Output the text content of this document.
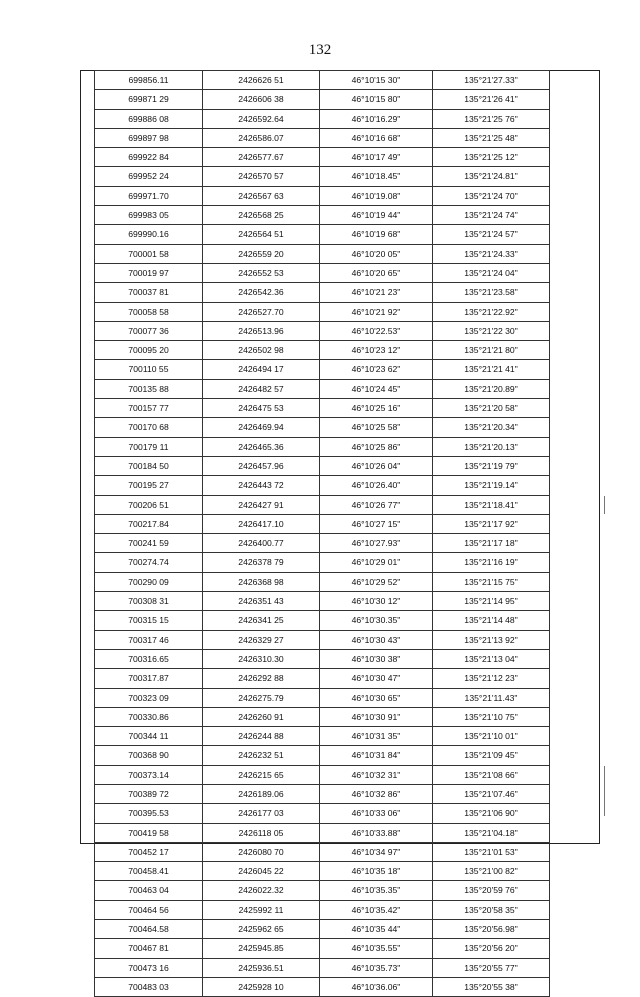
132
699856.11	2426626 51	46°10'15 30"	135°21'27.33"
699871 29	2426606 38	46°10'15 80"	135°21'26 41"
699886 08	2426592.64	46°10'16.29"	135°21'25 76"
699897 98	2426586.07	46°10'16 68"	135°21'25 48"
699922 84	2426577.67	46°10'17 49"	135°21'25 12"
699952 24	2426570 57	46°10'18.45"	135°21'24.81"
699971.70	2426567 63	46°10'19.08"	135°21'24 70"
699983 05	2426568 25	46°10'19 44"	135°21'24 74"
699990.16	2426564 51	46°10'19 68"	135°21'24 57"
700001 58	2426559 20	46°10'20 05"	135°21'24.33"
700019 97	2426552 53	46°10'20 65"	135°21'24 04"
700037 81	2426542.36	46°10'21 23"	135°21'23.58"
700058 58	2426527.70	46°10'21 92"	135°21'22.92"
700077 36	2426513.96	46°10'22.53"	135°21'22 30"
700095 20	2426502 98	46°10'23 12"	135°21'21 80"
700110 55	2426494 17	46°10'23 62"	135°21'21 41"
700135 88	2426482 57	46°10'24 45"	135°21'20.89"
700157 77	2426475 53	46°10'25 16"	135°21'20 58"
700170 68	2426469.94	46°10'25 58"	135°21'20.34"
700179 11	2426465.36	46°10'25 86"	135°21'20.13"
700184 50	2426457.96	46°10'26 04"	135°21'19 79"
700195 27	2426443 72	46°10'26.40"	135°21'19.14"
700206 51	2426427 91	46°10'26 77"	135°21'18.41"
700217.84	2426417.10	46°10'27 15"	135°21'17 92"
700241 59	2426400.77	46°10'27.93"	135°21'17 18"
700274.74	2426378 79	46°10'29 01"	135°21'16 19"
700290 09	2426368 98	46°10'29 52"	135°21'15 75"
700308 31	2426351 43	46°10'30 12"	135°21'14 95"
700315 15	2426341 25	46°10'30.35"	135°21'14 48"
700317 46	2426329 27	46°10'30 43"	135°21'13 92"
700316.65	2426310.30	46°10'30 38"	135°21'13 04"
700317.87	2426292 88	46°10'30 47"	135°21'12 23"
700323 09	2426275.79	46°10'30 65"	135°21'11.43"
700330.86	2426260 91	46°10'30 91"	135°21'10 75"
700344 11	2426244 88	46°10'31 35"	135°21'10 01"
700368 90	2426232 51	46°10'31 84"	135°21'09 45"
700373.14	2426215 65	46°10'32 31"	135°21'08 66"
700389 72	2426189.06	46°10'32 86"	135°21'07.46"
700395.53	2426177 03	46°10'33 06"	135°21'06 90"
700419 58	2426118 05	46°10'33.88"	135°21'04.18"
700452 17	2426080 70	46°10'34 97"	135°21'01 53"
700458.41	2426045 22	46°10'35 18"	135°21'00 82"
700463 04	2426022.32	46°10'35.35"	135°20'59 76"
700464 56	2425992 11	46°10'35.42"	135°20'58 35"
700464.58	2425962 65	46°10'35 44"	135°20'56.98"
700467 81	2425945.85	46°10'35.55"	135°20'56 20"
700473 16	2425936.51	46°10'35.73"	135°20'55 77"
700483 03	2425928 10	46°10'36.06"	135°20'55 38"
